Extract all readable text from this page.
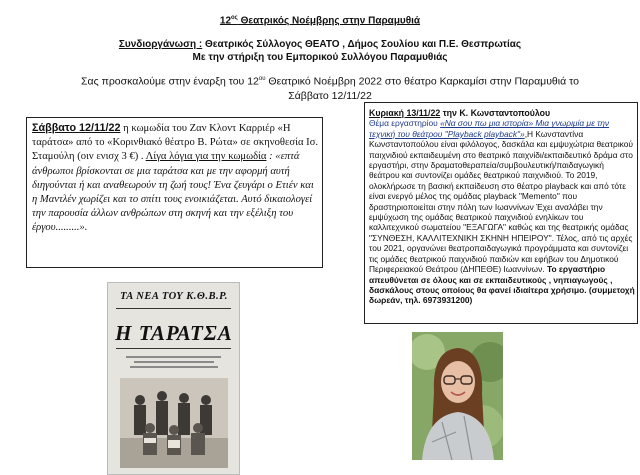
$12^{o\varsigma}$ Θεατρικός Νοέμβρης στην Παραμυθιά
Συνδιοργάνωση : Θεατρικός Σύλλογος ΘΕΑΤΟ , Δήμος Σουλίου και Π.Ε. Θεσπρωτίας
Με την στήριξη του Εμπορικού Συλλόγου Παραμυθιάς
Σας προσκαλούμε στην έναρξη του $12^{o\upsilon}$ Θεατρικό Νοέμβρη 2022 στο θέατρο Καρκαμίσι στην Παραμυθιά το Σάββατο 12/11/22
Σάββατο 12/11/22 η κωμωδία του Ζαν Κλοντ Καρριέρ «Η ταράτσα» από το «Κορινθιακό θέατρο Β. Ρώτα» σε σκηνοθεσία Ισ. Σταμούλη (οιν ενισχ 3 €) . Λίγα λόγια για την κωμωδία : «επτά άνθρωποι βρίσκονται σε μια ταράτσα και με την αφορμή αυτή διηγούνται ή και αναθεωρούν τη ζωή τους! Ένα ζευγάρι ο Ετιέν και η Μαντλέν χωρίζει και το σπίτι τους ενοικιάζεται. Αυτό δικαιολογεί την παρουσία άλλων ανθρώπων στη σκηνή και την εξέλιξη του έργου.........».
Κυριακή 13/11/22 την Κ. Κωνσταντοπούλου
Θέμα εργαστηρίου «Να σου πω μια ιστορία» Μια γνωριμία με την τεχνική του θεάτρου "Playback playback"»,Η Κωνσταντίνα Κωνσταντοπούλου είναι φιλόλογος, δασκάλα και εμψυχώτρια θεατρικού παιχνιδιού εκπαιδευμένη στο θεατρικό παιχνίδι/εκπαιδευτικό δράμα στο εργαστήρι, στην δραματοθεραπεία/συμβουλευτική/παιδαγωγική θεάτρου και συντονίζει ομάδες θεατρικού παιχνιδιού. Το 2019, ολοκλήρωσε τη βασική εκπαίδευση στο θέατρο playback και από τότε είναι ενεργό μέλος της ομάδας playback "Memento" που δραστηριοποιείται στην πόλη των Ιωαννίνων Έχει αναλάβει την εμψύχωση της ομάδας θεατρικού παιχνιδιού ενηλίκων του καλλιτεχνικού σωματείου "ΕΞΑΓΩΓΑ" καθώς και της θεατρικής ομάδας "ΣΥΝΘΕΣΗ, ΚΑΛΛΙΤΕΧΝΙΚΗ ΣΚΗΝΗ ΗΠΕΙΡΟΥ". Τέλος, από τις αρχές του 2021, οργανώνει θεατροπαιδαγωγικά προγράμματα και συντονίζει τις ομάδες θεατρικού παιχνιδιού παιδιών και εφήβων του Δημοτικού Περιφερειακού Θεάτρου (ΔΗΠΕΘΕ) Ιωαννίνων. Το εργαστήριο απευθύνεται σε όλους και σε εκπαιδευτικούς , νηπιαγωγούς , δασκάλους στους οποίους θα φανεί ιδιαίτερα χρήσιμο. (συμμετοχή δωρεάν, τηλ. 6973931200)
ΤΑ ΝΕΑ ΤΟΥ Κ.Θ.Β.Ρ.
Η ΤΑΡΑΤΣΑ
